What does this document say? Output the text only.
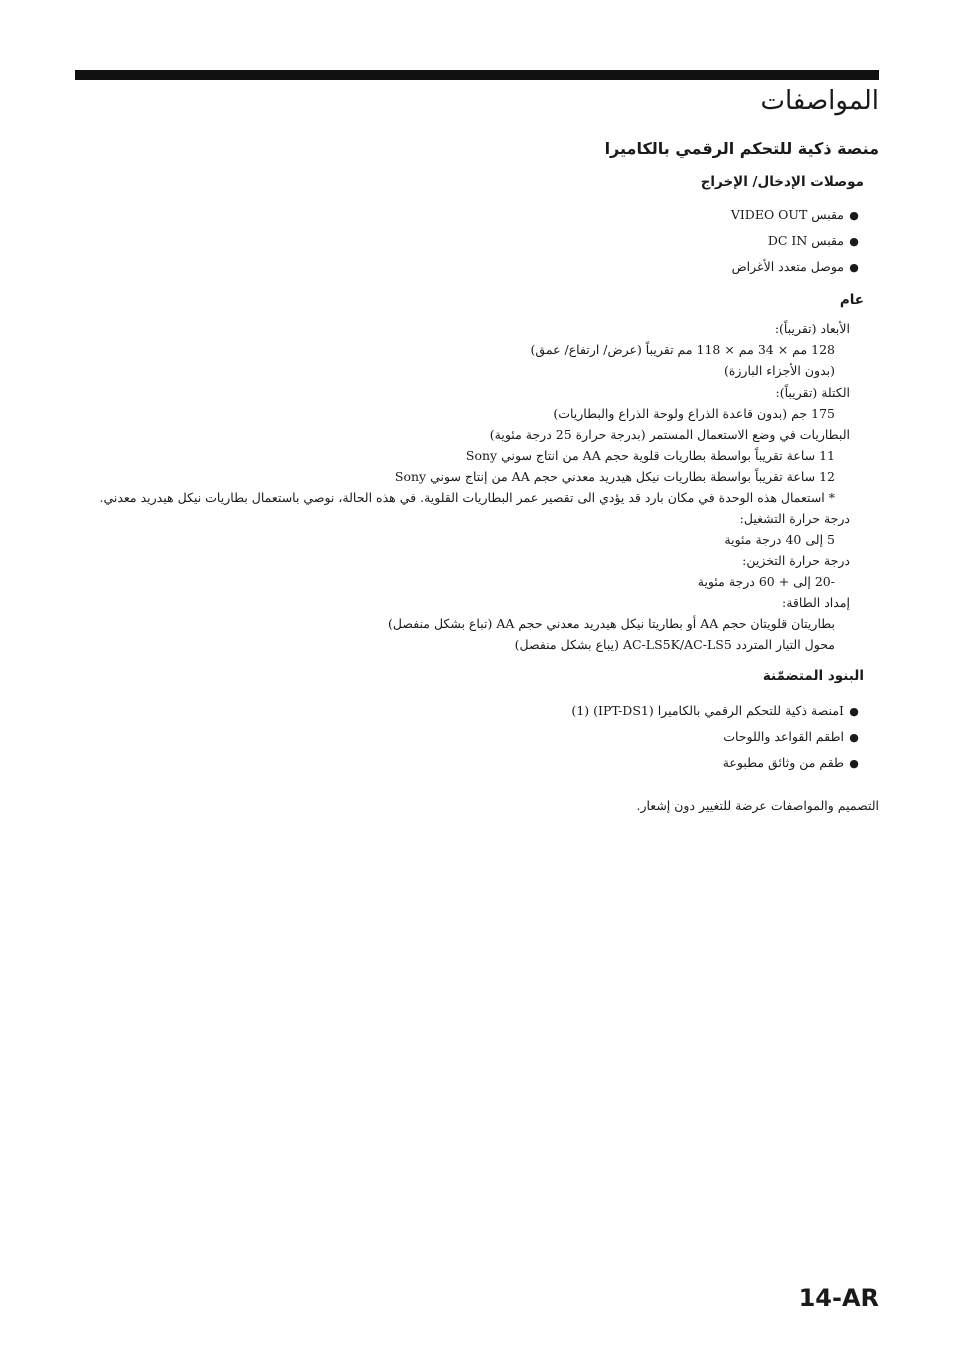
المواصفات
منصة ذكية للتحكم الرقمي بالكاميرا
موصلات الإدخال/ الإخراج
●مقبس VIDEO OUT
●مقبس DC IN
●موصل متعدد الأغراض
عام
الأبعاد (تقريباً):
128 مم × 34 مم × 118 مم تقريباً (عرض/ ارتفاع/ عمق)
(بدون الأجزاء البارزة)
الكتلة (تقريباً):
175 جم (بدون قاعدة الذراع ولوحة الذراع والبطاريات)
البطاريات في وضع الاستعمال المستمر (بدرجة حرارة 25 درجة مئوية)
11 ساعة تقريباً بواسطة بطاريات قلوية حجم AA من انتاج سوني Sony
12 ساعة تقريباً بواسطة بطاريات نيكل هيدريد معدني حجم AA من إنتاج سوني Sony
* استعمال هذه الوحدة في مكان بارد قد يؤدي الى تقصير عمر البطاريات القلوية. في هذه الحالة، نوصي باستعمال بطاريات نيكل هيدريد معدني.
درجة حرارة التشغيل:
5 إلى 40 درجة مئوية
درجة حرارة التخزين:
-20 إلى + 60 درجة مئوية
إمداد الطاقة:
بطاريتان قلويتان حجم AA أو بطاريتا نيكل هيدريد معدني حجم AA (تباع بشكل منفصل)
محول التيار المتردد AC-LS5K/AC-LS5 (يباع بشكل منفصل)
البنود المتضمّنة
●Iمنصة ذكية للتحكم الرقمي بالكاميرا (IPT-DS1) (1)
●اطقم القواعد واللوحات
●طقم من وثائق مطبوعة
التصميم والمواصفات عرضة للتغيير دون إشعار.
14-AR
